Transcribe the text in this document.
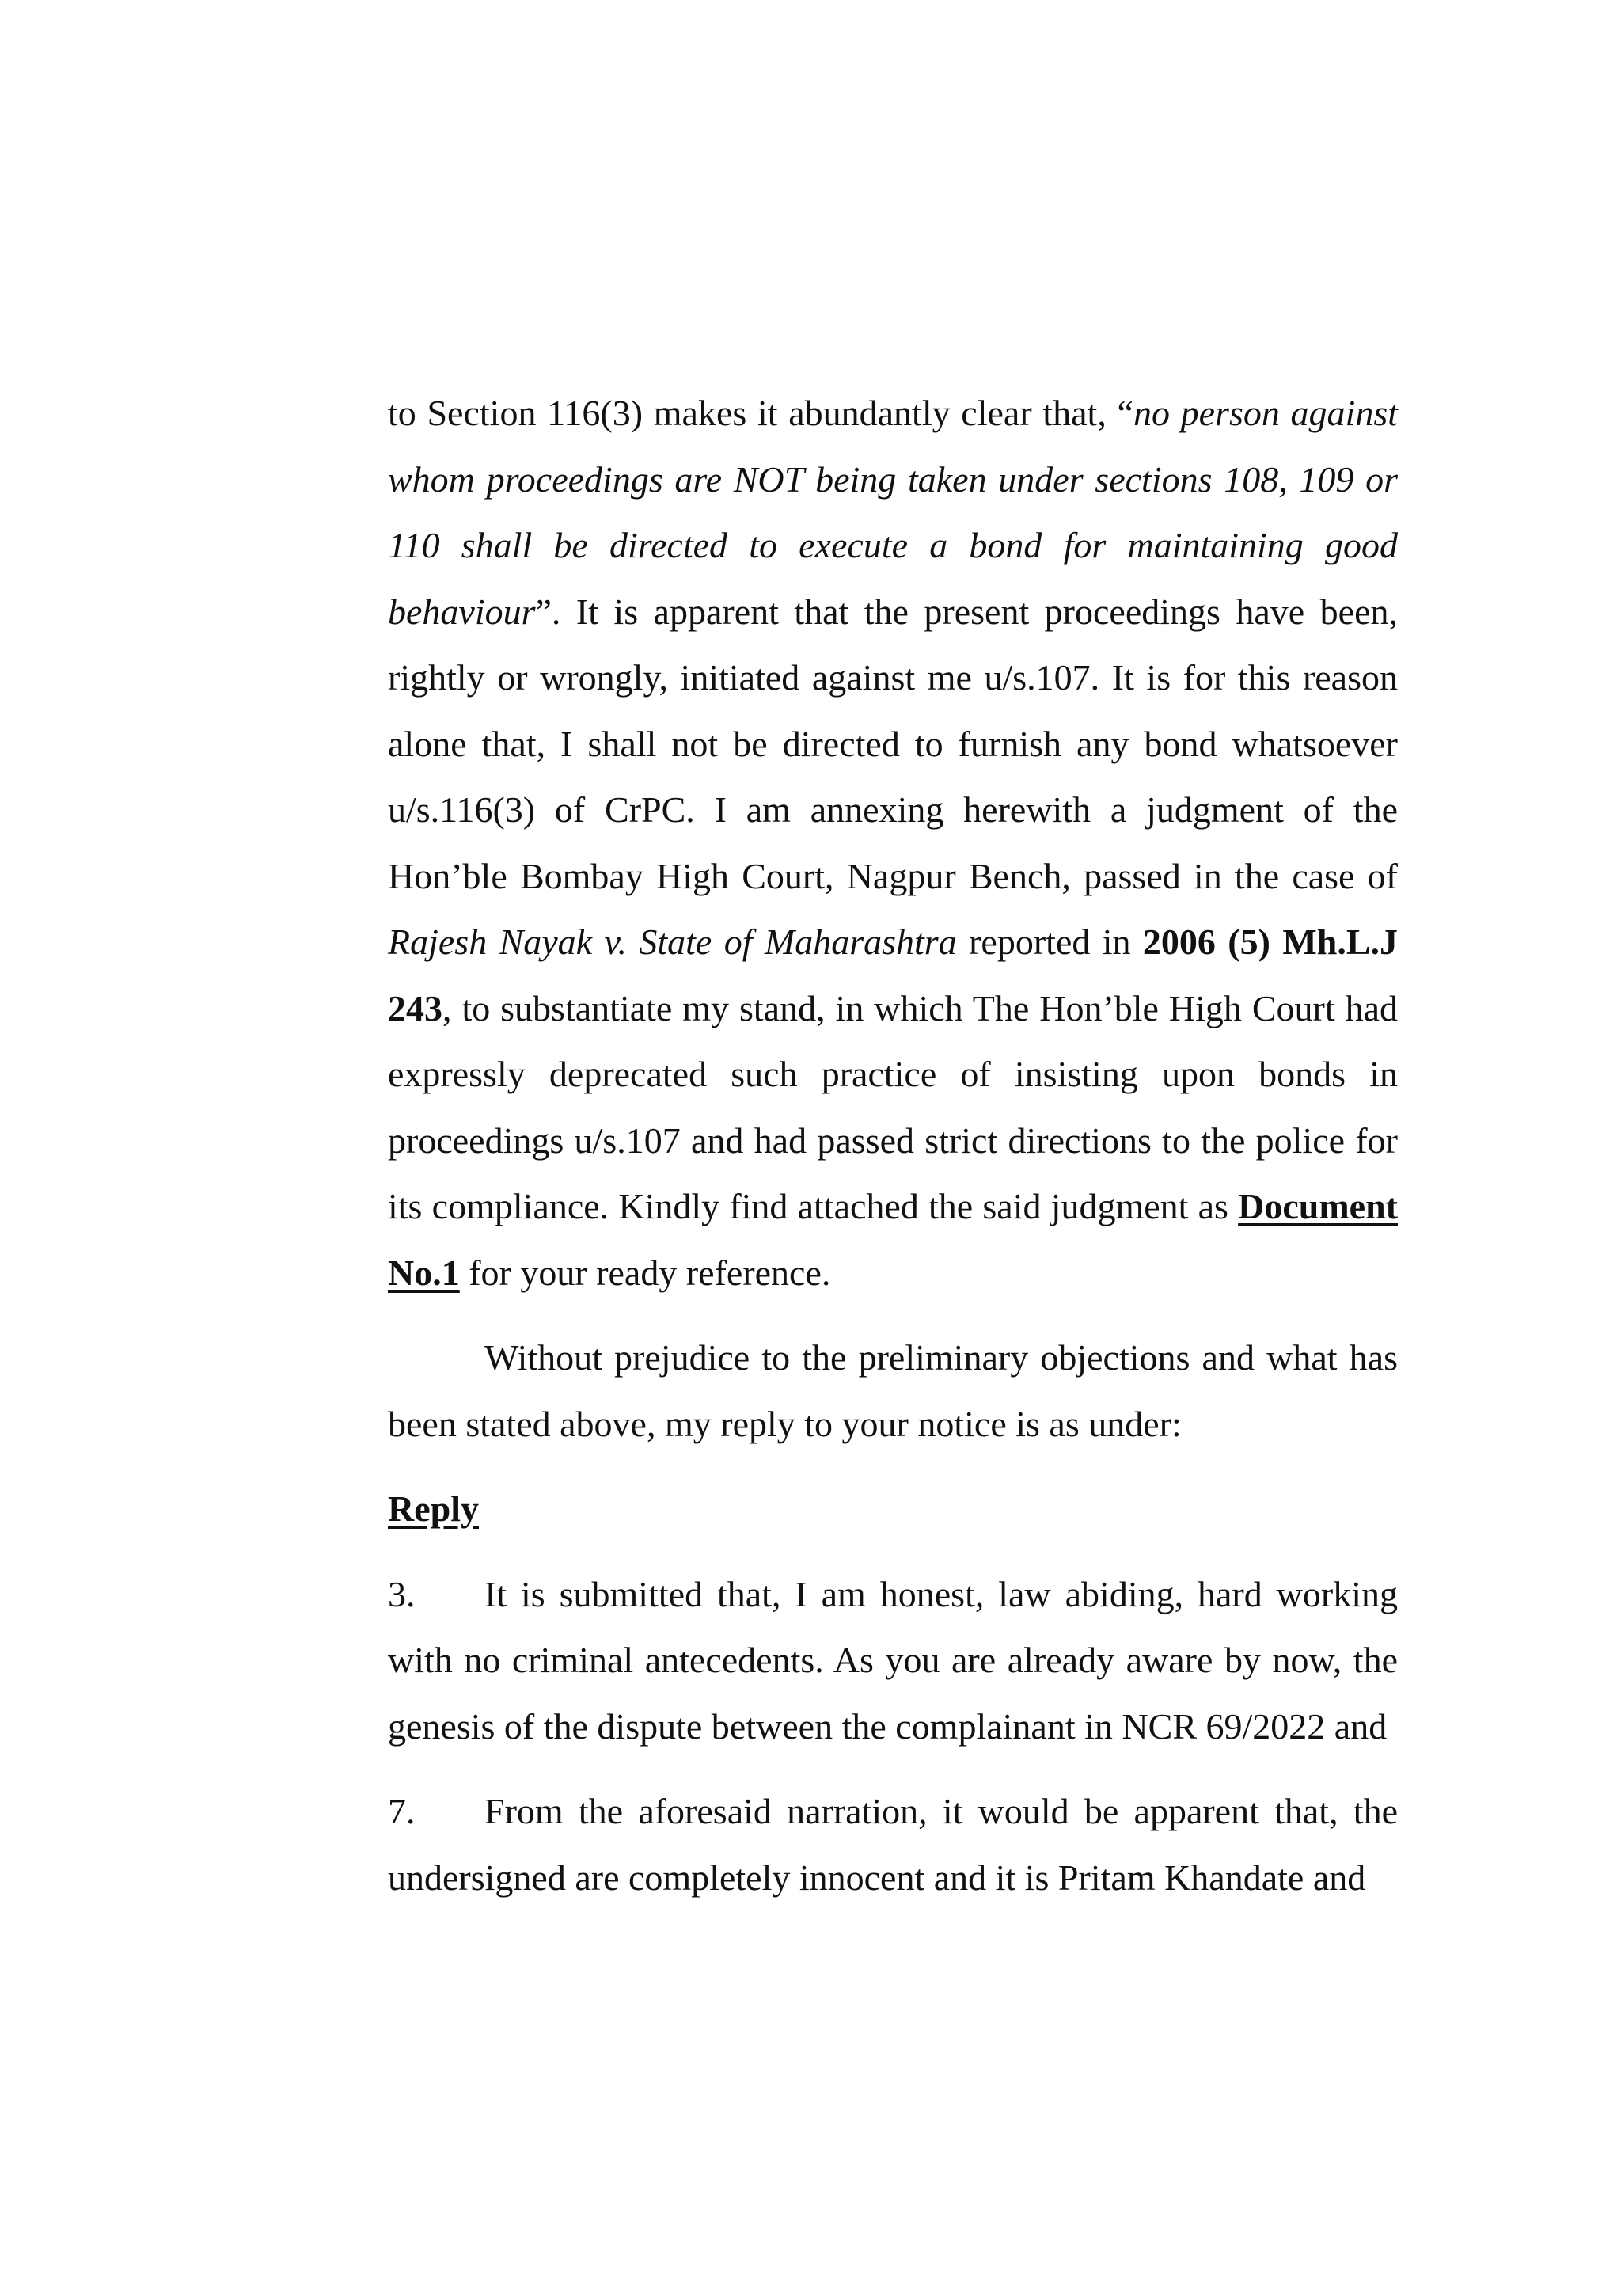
to Section 116(3) makes it abundantly clear that, “no person against whom proceedings are NOT being taken under sections 108, 109 or 110 shall be directed to execute a bond for maintaining good behaviour”. It is apparent that the present proceedings have been, rightly or wrongly, initiated against me u/s.107. It is for this reason alone that, I shall not be directed to furnish any bond whatsoever u/s.116(3) of CrPC. I am annexing herewith a judgment of the Hon’ble Bombay High Court, Nagpur Bench, passed in the case of Rajesh Nayak v. State of Maharashtra reported in 2006 (5) Mh.L.J 243, to substantiate my stand, in which The Hon’ble High Court had expressly deprecated such practice of insisting upon bonds in proceedings u/s.107 and had passed strict directions to the police for its compliance. Kindly find attached the said judgment as Document No.1 for your ready reference.

Without prejudice to the preliminary objections and what has been stated above, my reply to your notice is as under:

Reply

3. It is submitted that, I am honest, law abiding, hard working with no criminal antecedents. As you are already aware by now, the genesis of the dispute between the complainant in NCR 69/2022 and

7. From the aforesaid narration, it would be apparent that, the undersigned are completely innocent and it is Pritam Khandate and
